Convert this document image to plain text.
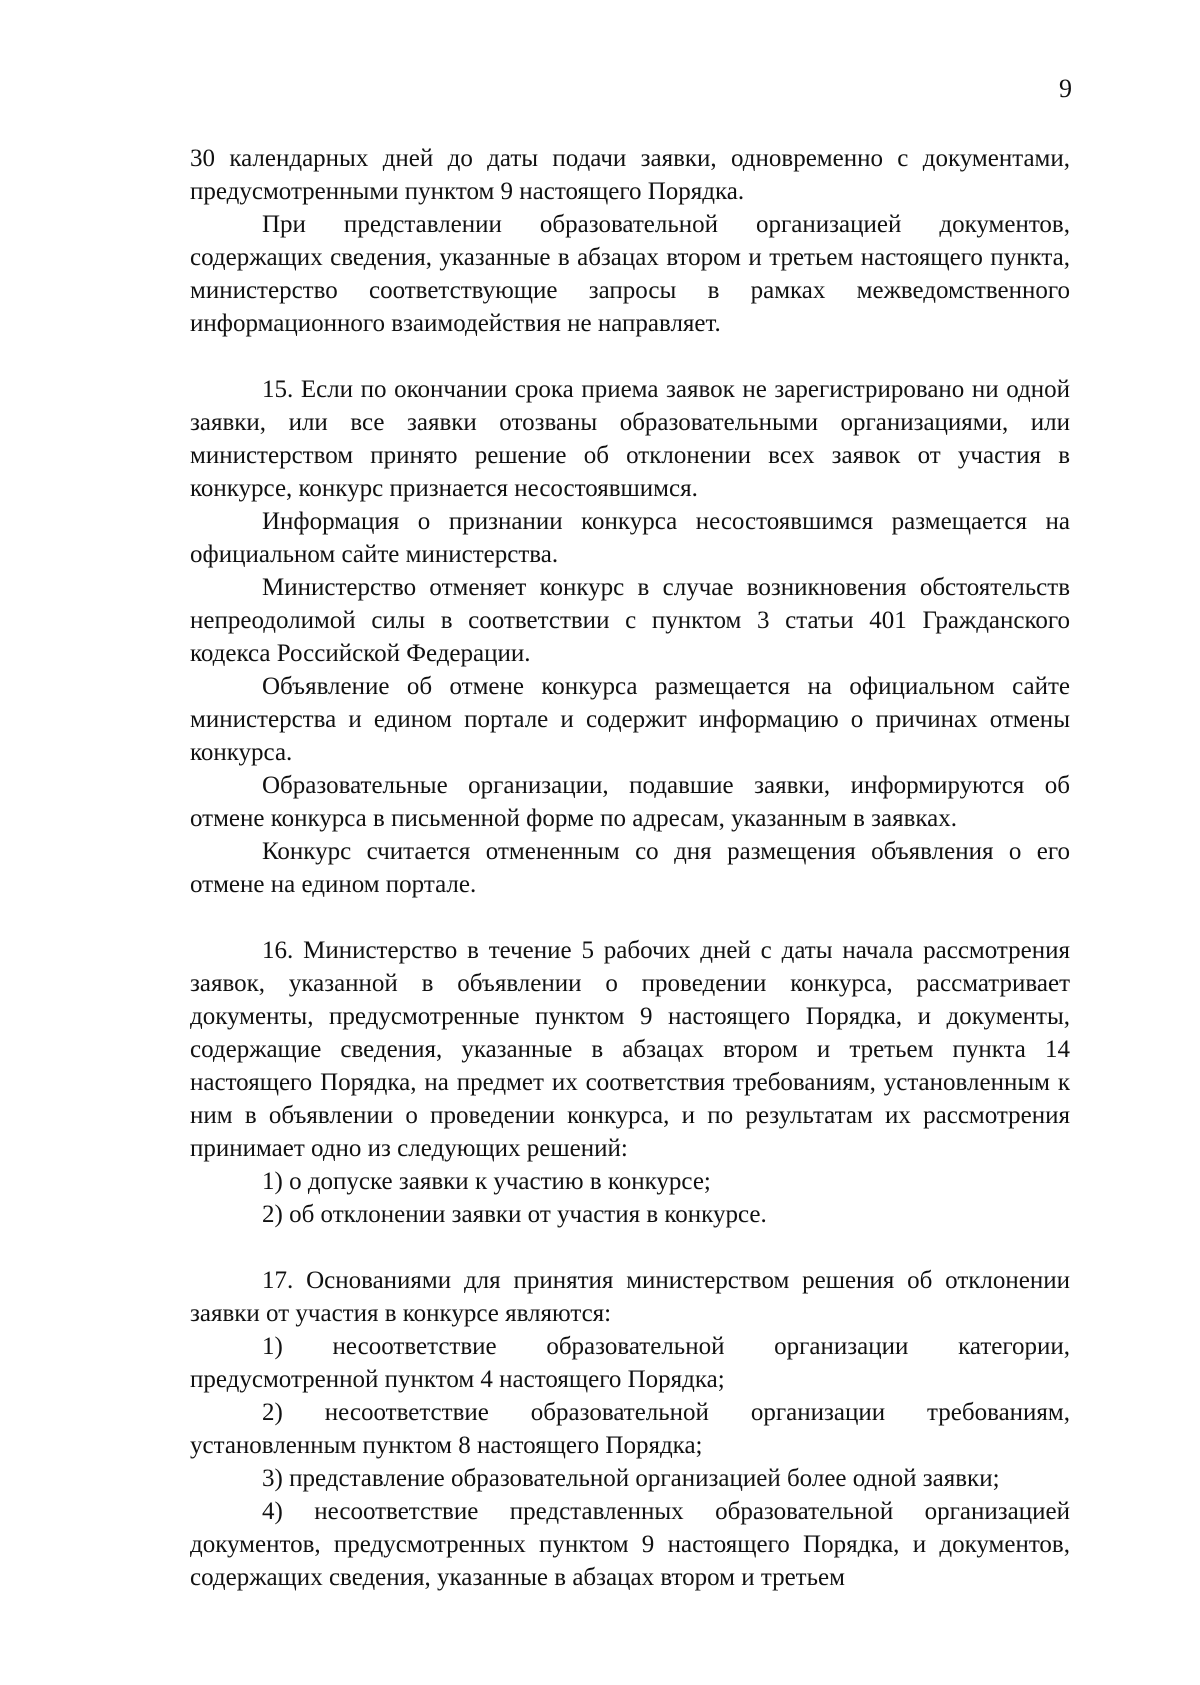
9

30 календарных дней до даты подачи заявки, одновременно с документами, предусмотренными пунктом 9 настоящего Порядка.

При представлении образовательной организацией документов, содержащих сведения, указанные в абзацах втором и третьем настоящего пункта, министерство соответствующие запросы в рамках межведомственного информационного взаимодействия не направляет.

15. Если по окончании срока приема заявок не зарегистрировано ни одной заявки, или все заявки отозваны образовательными организациями, или министерством принято решение об отклонении всех заявок от участия в конкурсе, конкурс признается несостоявшимся.

Информация о признании конкурса несостоявшимся размещается на официальном сайте министерства.

Министерство отменяет конкурс в случае возникновения обстоятельств непреодолимой силы в соответствии с пунктом 3 статьи 401 Гражданского кодекса Российской Федерации.

Объявление об отмене конкурса размещается на официальном сайте министерства и едином портале и содержит информацию о причинах отмены конкурса.

Образовательные организации, подавшие заявки, информируются об отмене конкурса в письменной форме по адресам, указанным в заявках.

Конкурс считается отмененным со дня размещения объявления о его отмене на едином портале.

16. Министерство в течение 5 рабочих дней с даты начала рассмотрения заявок, указанной в объявлении о проведении конкурса, рассматривает документы, предусмотренные пунктом 9 настоящего Порядка, и документы, содержащие сведения, указанные в абзацах втором и третьем пункта 14 настоящего Порядка, на предмет их соответствия требованиям, установленным к ним в объявлении о проведении конкурса, и по результатам их рассмотрения принимает одно из следующих решений:

1) о допуске заявки к участию в конкурсе;

2) об отклонении заявки от участия в конкурсе.

17. Основаниями для принятия министерством решения об отклонении заявки от участия в конкурсе являются:

1) несоответствие образовательной организации категории, предусмотренной пунктом 4 настоящего Порядка;

2) несоответствие образовательной организации требованиям, установленным пунктом 8 настоящего Порядка;

3) представление образовательной организацией более одной заявки;

4) несоответствие представленных образовательной организацией документов, предусмотренных пунктом 9 настоящего Порядка, и документов, содержащих сведения, указанные в абзацах втором и третьем
